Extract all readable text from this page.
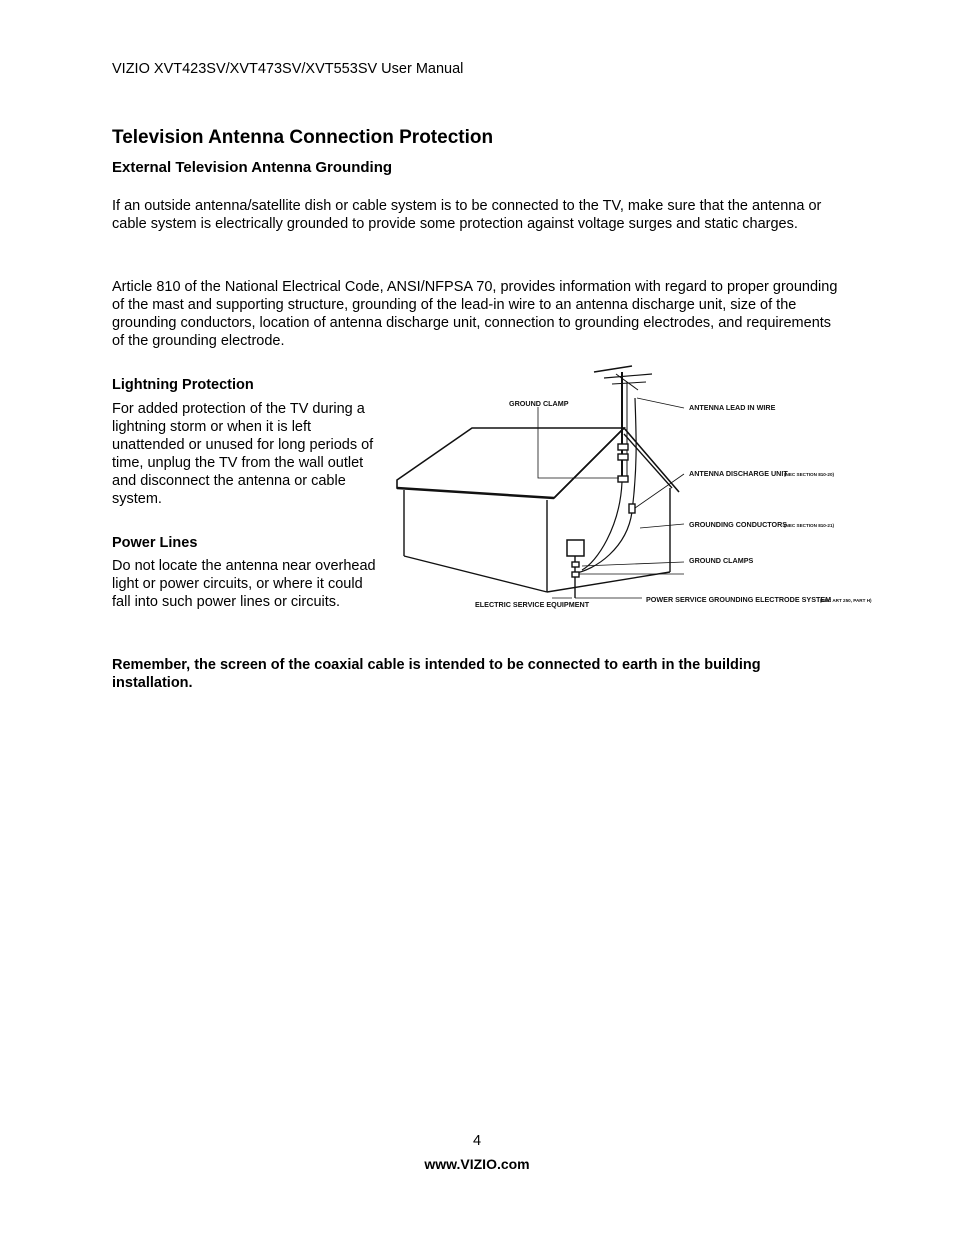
VIZIO XVT423SV/XVT473SV/XVT553SV User Manual
Television Antenna Connection Protection
External Television Antenna Grounding
If an outside antenna/satellite dish or cable system is to be connected to the TV, make sure that the antenna or cable system is electrically grounded to provide some protection against voltage surges and static charges.
Article 810 of the National Electrical Code, ANSI/NFPSA 70, provides information with regard to proper grounding of the mast and supporting structure, grounding of the lead-in wire to an antenna discharge unit, size of the grounding conductors, location of antenna discharge unit, connection to grounding electrodes, and requirements of the grounding electrode.
Lightning Protection
For added protection of the TV during a lightning storm or when it is left unattended or unused for long periods of time, unplug the TV from the wall outlet and disconnect the antenna or cable system.
Power Lines
Do not locate the antenna near overhead light or power circuits, or where it could fall into such power lines or circuits.
GROUND CLAMP	ANTENNA LEAD IN WIRE
ANTENNA DISCHARGE UNIT
(NEC SECTION 810-20)
GROUNDING CONDUCTORS
(NEC SECTION 810-21)
GROUND CLAMPS
ELECTRIC SERVICE EQUIPMENT
POWER SERVICE GROUNDING ELECTRODE SYSTEM
(NEC ART 250, PART H)
Remember, the screen of the coaxial cable is intended to be connected to earth in the building installation.
4
www.VIZIO.com
